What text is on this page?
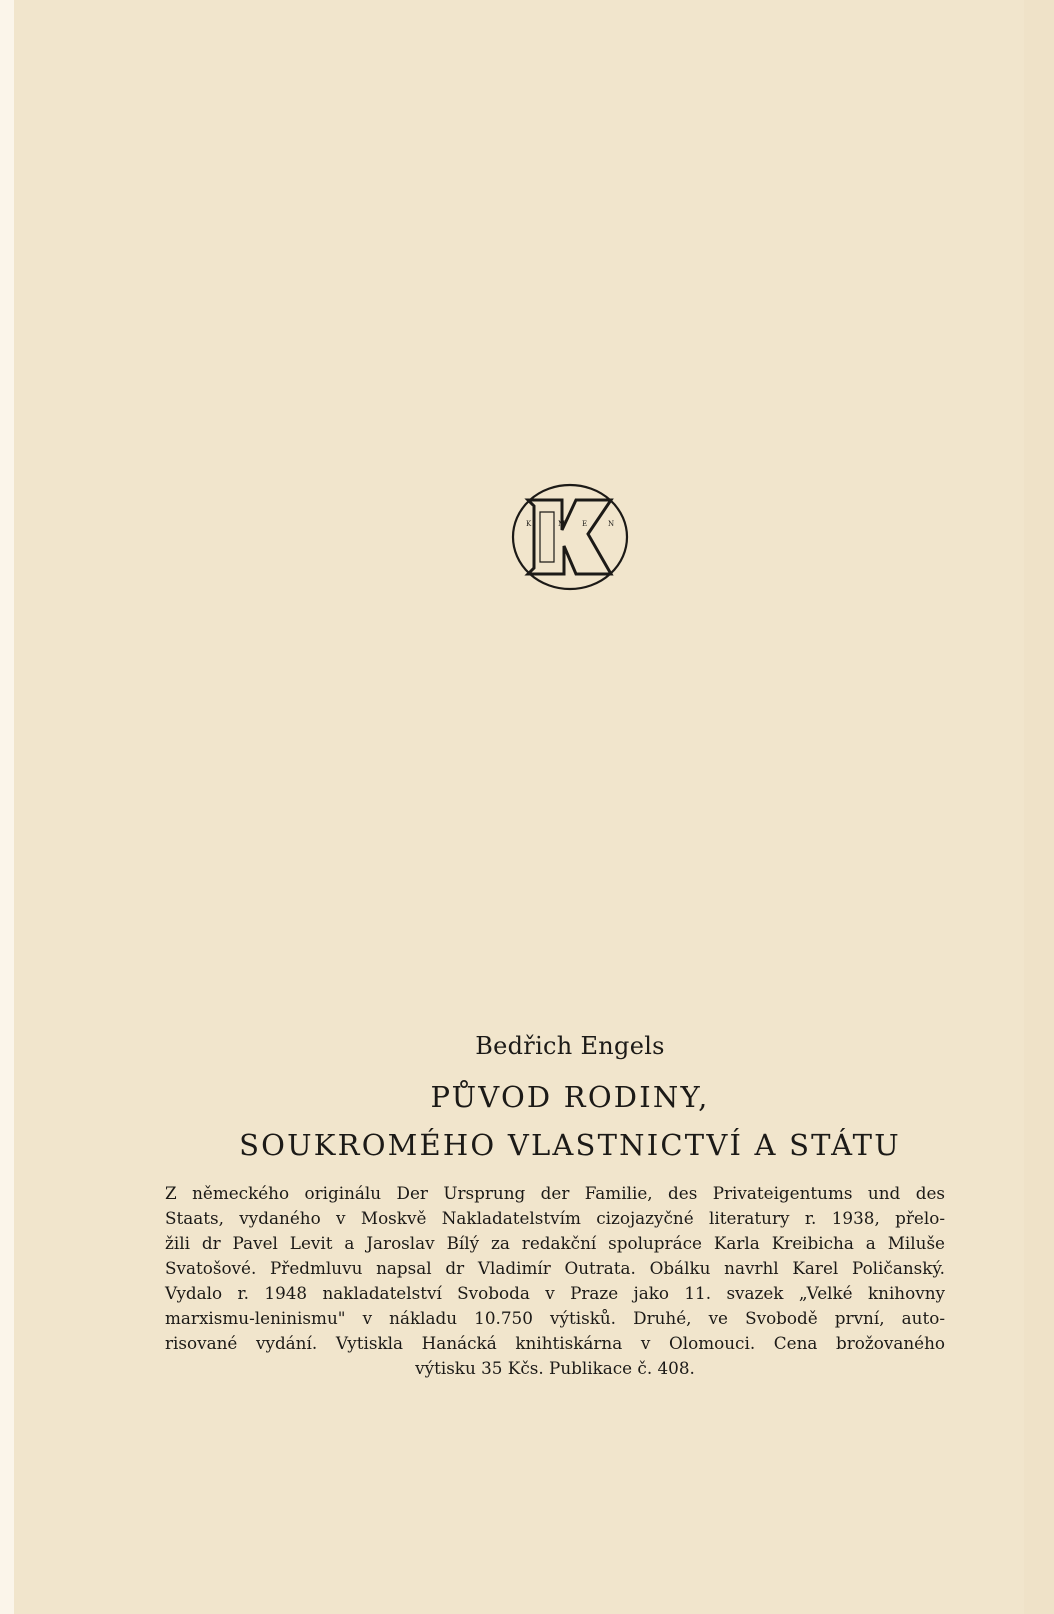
K	M E	N
Bedřich Engels
PŮVOD RODINY,
SOUKROMÉHO VLASTNICTVÍ A STÁTU
Z německého originálu Der Ursprung der Familie, des Privateigentums und des
Staats, vydaného v Moskvě Nakladatelstvím cizojazyčné literatury r. 1938, přelo-
žili dr Pavel Levit a Jaroslav Bílý za redakční spolupráce Karla Kreibicha a Miluše
Svatošové. Předmluvu napsal dr Vladimír Outrata. Obálku navrhl Karel Poličanský.
Vydalo r. 1948 nakladatelství Svoboda v Praze jako 11. svazek „Velké knihovny
marxismu-leninismu" v nákladu 10.750 výtisků. Druhé, ve Svobodě první, auto-
risované vydání. Vytiskla Hanácká knihtiskárna v Olomouci. Cena brožovaného
výtisku 35 Kčs. Publikace č. 408.
